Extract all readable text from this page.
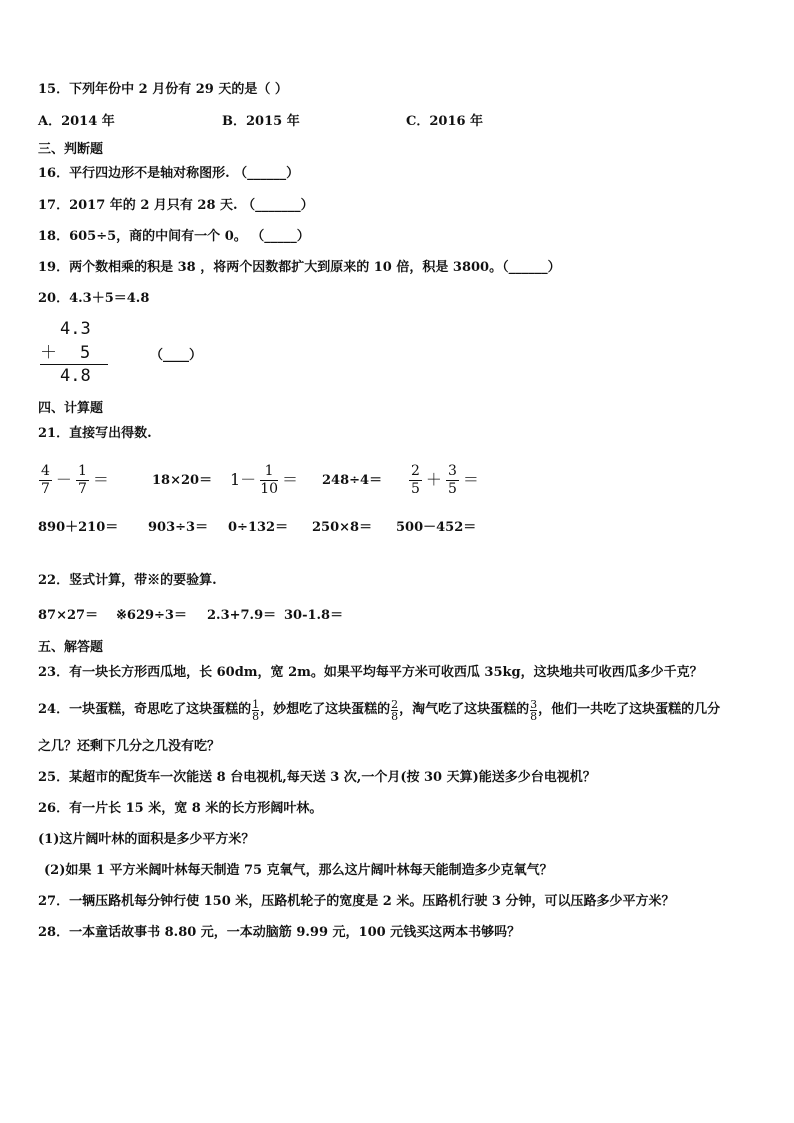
15．下列年份中 2 月份有 29 天的是（ ）
A．2014 年	B．2015 年	C．2016 年
三、判断题
16．平行四边形不是轴对称图形. （______）
17．2017 年的 2 月只有 28 天. （_______）
18．605÷5，商的中间有一个 0。 （_____）
19．两个数相乘的积是 38 ，将两个因数都扩大到原来的 10 倍，积是 3800。（______）
20．4.3＋5＝4.8
4.3
＋ 5
4.8
（____）
四、计算题
21．直接写出得数.
$\frac{4}{7} - \frac{1}{7}$ ＝	$18\times 20= 1- \frac{1}{10} = 248\div 4= \frac{2}{5} + \frac{3}{5}$ ＝
890＋210＝ 903÷3＝ 0÷132＝ 250×8＝ 500－452＝
22．竖式计算，带※的要验算.
87×27＝ ※629÷3＝ 2.3+7.9＝ 30-1.8＝
五、解答题
23．有一块长方形西瓜地，长 60dm，宽 2m。如果平均每平方米可收西瓜 35kg，这块地共可收西瓜多少千克？
24．一块蛋糕，奇思吃了这块蛋糕的 1
8 ，妙想吃了这块蛋糕的 2
8 ，淘气吃了这块蛋糕的 3
8 ，他们一共吃了这块蛋糕的几分
之几？还剩下几分之几没有吃？
25．某超市的配货车一次能送 8 台电视机,每天送 3 次,一个月(按 30 天算)能送多少台电视机？
26．有一片长 15 米，宽 8 米的长方形阔叶林。
(1)这片阔叶林的面积是多少平方米？
(2)如果 1 平方米阔叶林每天制造 75 克氧气，那么这片阔叶林每天能制造多少克氧气？
27．一辆压路机每分钟行使 150 米，压路机轮子的宽度是 2 米。压路机行驶 3 分钟，可以压路多少平方米？
28．一本童话故事书 8.80 元，一本动脑筋 9.99 元，100 元钱买这两本书够吗？
